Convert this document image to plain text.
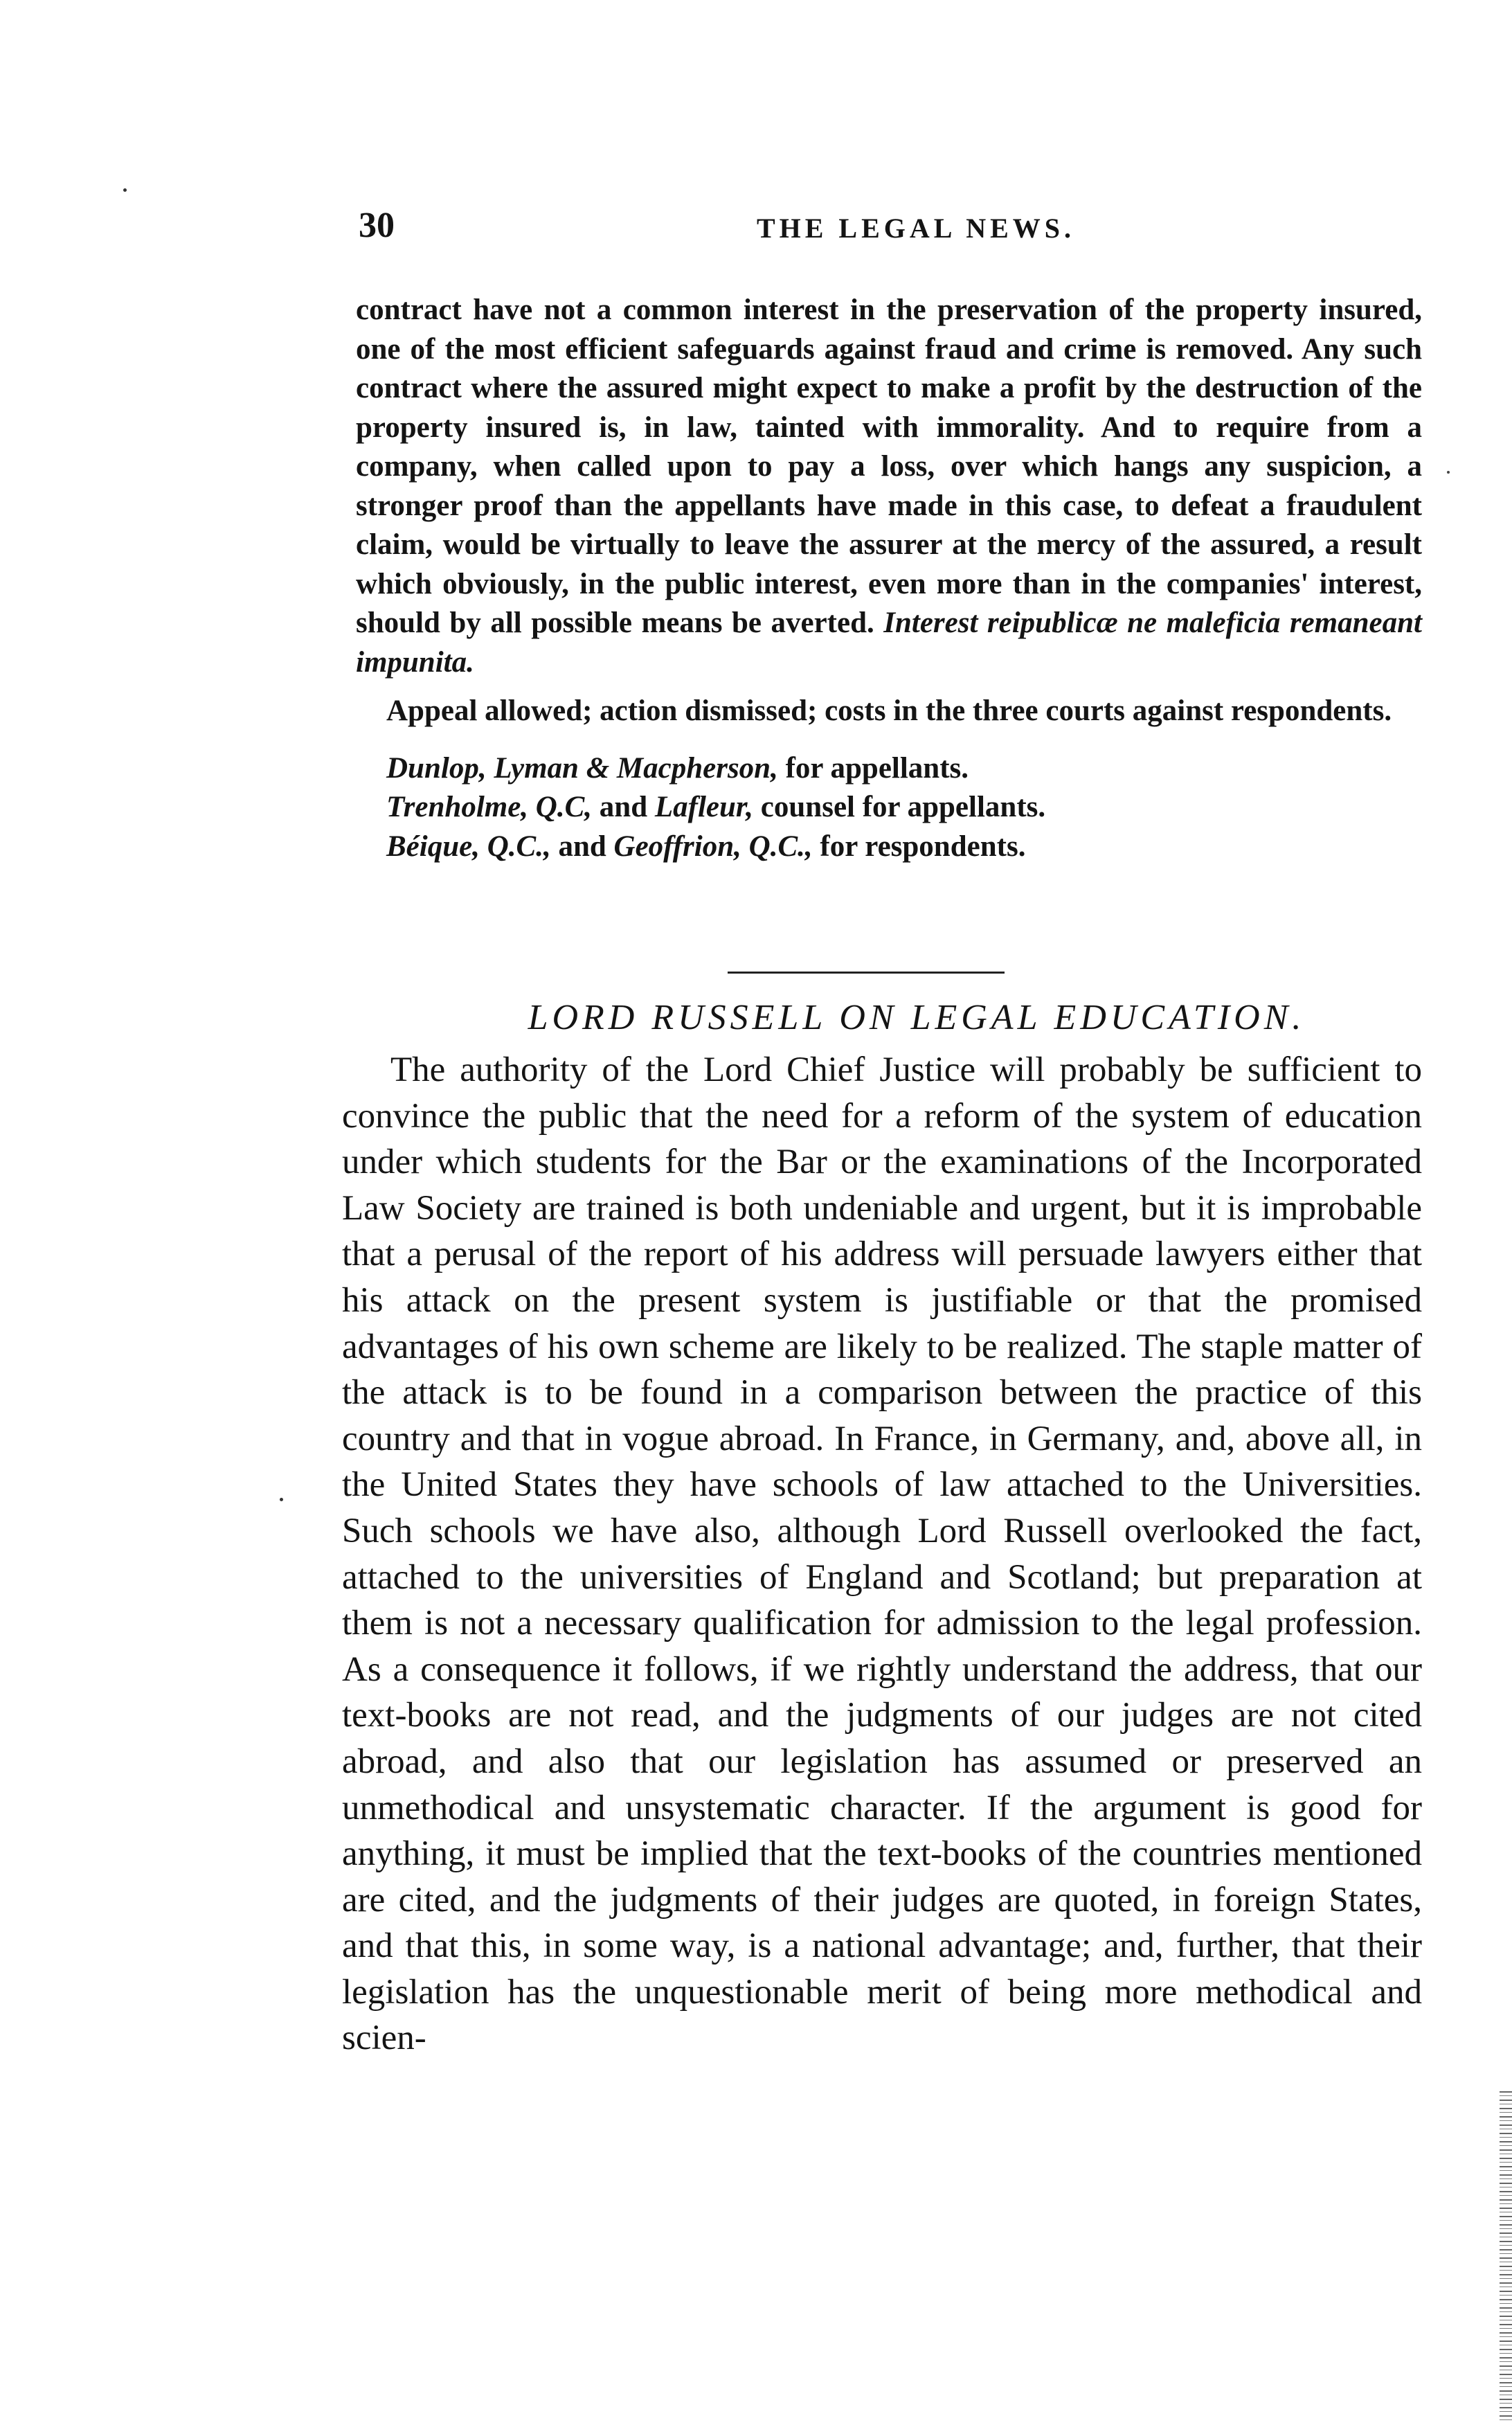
30	THE LEGAL NEWS.

contract have not a common interest in the preservation of the property insured, one of the most efficient safeguards against fraud and crime is removed. Any such contract where the assured might expect to make a profit by the destruction of the property insured is, in law, tainted with immorality. And to require from a company, when called upon to pay a loss, over which hangs any suspicion, a stronger proof than the appellants have made in this case, to defeat a fraudulent claim, would be virtually to leave the assurer at the mercy of the assured, a result which obviously, in the public interest, even more than in the companies' interest, should by all possible means be averted. Interest reipublicæ ne maleficia remaneant impunita.

Appeal allowed; action dismissed; costs in the three courts against respondents.

Dunlop, Lyman & Macpherson, for appellants.

Trenholme, Q.C, and Lafleur, counsel for appellants.

Béique, Q.C., and Geoffrion, Q.C., for respondents.

LORD RUSSELL ON LEGAL EDUCATION.

The authority of the Lord Chief Justice will probably be sufficient to convince the public that the need for a reform of the system of education under which students for the Bar or the examinations of the Incorporated Law Society are trained is both undeniable and urgent, but it is improbable that a perusal of the report of his address will persuade lawyers either that his attack on the present system is justifiable or that the promised advantages of his own scheme are likely to be realized. The staple matter of the attack is to be found in a comparison between the practice of this country and that in vogue abroad. In France, in Germany, and, above all, in the United States they have schools of law attached to the Universities. Such schools we have also, although Lord Russell overlooked the fact, attached to the universities of England and Scotland; but preparation at them is not a necessary qualification for admission to the legal profession. As a consequence it follows, if we rightly understand the address, that our text-books are not read, and the judgments of our judges are not cited abroad, and also that our legislation has assumed or preserved an unmethodical and unsystematic character. If the argument is good for anything, it must be implied that the text-books of the countries mentioned are cited, and the judgments of their judges are quoted, in foreign States, and that this, in some way, is a national advantage; and, further, that their legislation has the unquestionable merit of being more methodical and scien-
